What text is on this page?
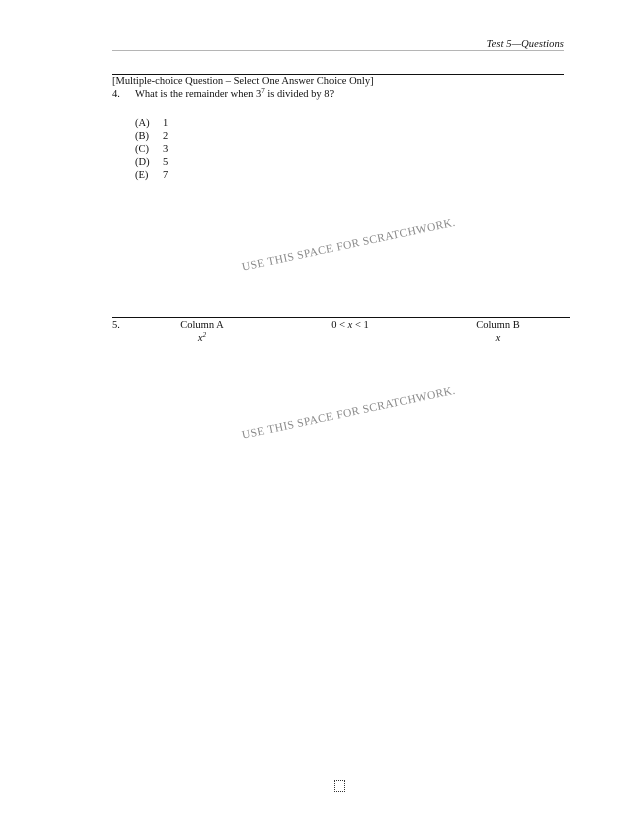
Test 5—Questions
[Multiple-choice Question – Select One Answer Choice Only]
4. What is the remainder when $3^7$ is divided by 8?
(A) 1
(B) 2
(C) 3
(D) 5
(E) 7
USE THIS SPACE FOR SCRATCHWORK.
5.	Column A
$x^2$
0 < x < 1	Column B
x
USE THIS SPACE FOR SCRATCHWORK.
